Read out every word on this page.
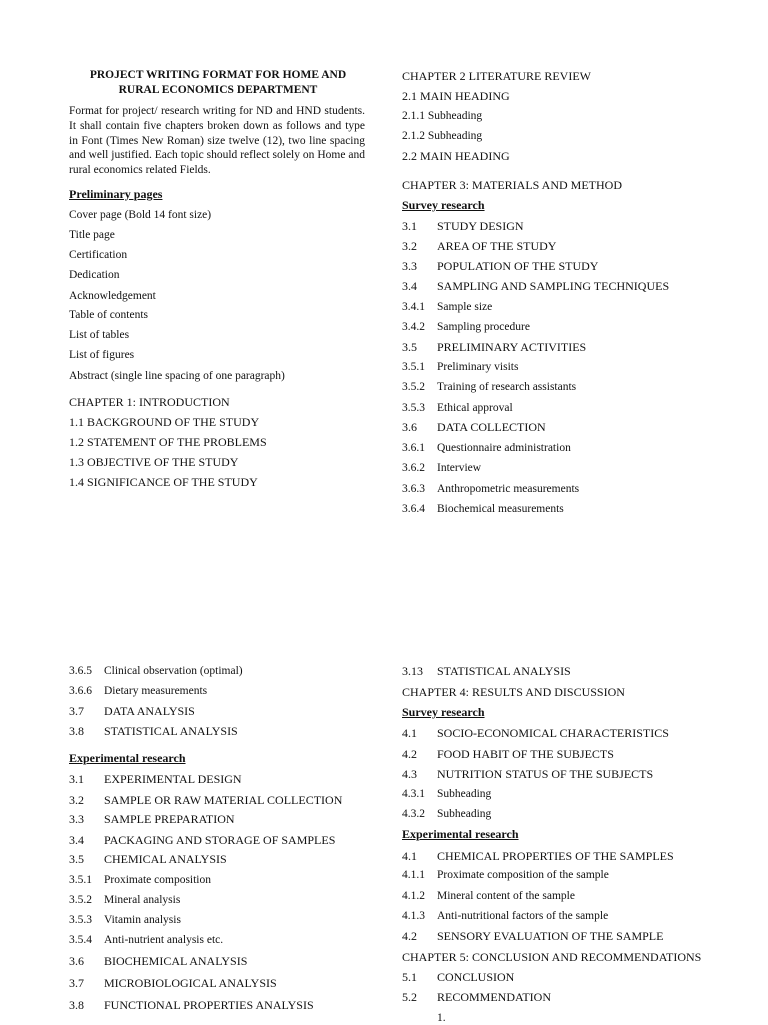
PROJECT WRITING FORMAT FOR HOME AND
RURAL ECONOMICS DEPARTMENT

Format for project/ research writing for ND and HND students. It shall contain five chapters broken down as follows and type in Font (Times New Roman) size twelve (12), two line spacing and well justified. Each topic should reflect solely on Home and rural economics related Fields.

Preliminary pages
Cover page (Bold 14 font size)
Title page
Certification
Dedication
Acknowledgement
Table of contents
List of tables
List of figures
Abstract (single line spacing of one paragraph)
CHAPTER 1: INTRODUCTION
1.1 BACKGROUND OF THE STUDY
1.2 STATEMENT OF THE PROBLEMS
1.3 OBJECTIVE OF THE STUDY
1.4 SIGNIFICANCE OF THE STUDY
CHAPTER 2 LITERATURE REVIEW
2.1 MAIN HEADING
2.1.1 Subheading
2.1.2 Subheading
2.2 MAIN HEADING
CHAPTER 3: MATERIALS AND METHOD
Survey research
3.1 STUDY DESIGN
3.2 AREA OF THE STUDY
3.3 POPULATION OF THE STUDY
3.4 SAMPLING AND SAMPLING TECHNIQUES
3.4.1 Sample size
3.4.2 Sampling procedure
3.5 PRELIMINARY ACTIVITIES
3.5.1 Preliminary visits
3.5.2 Training of research assistants
3.5.3 Ethical approval
3.6 DATA COLLECTION
3.6.1 Questionnaire administration
3.6.2 Interview
3.6.3 Anthropometric measurements
3.6.4 Biochemical measurements
3.6.5 Clinical observation (optimal)
3.6.6 Dietary measurements
3.7 DATA ANALYSIS
3.8 STATISTICAL ANALYSIS
Experimental research
3.1 EXPERIMENTAL DESIGN
3.2 SAMPLE OR RAW MATERIAL COLLECTION
3.3 SAMPLE PREPARATION
3.4 PACKAGING AND STORAGE OF SAMPLES
3.5 CHEMICAL ANALYSIS
3.5.1 Proximate composition
3.5.2 Mineral analysis
3.5.3 Vitamin analysis
3.5.4 Anti-nutrient analysis etc.
3.6 BIOCHEMICAL ANALYSIS
3.7 MICROBIOLOGICAL ANALYSIS
3.8 FUNCTIONAL PROPERTIES ANALYSIS
3.13 STATISTICAL ANALYSIS
CHAPTER 4: RESULTS AND DISCUSSION
Survey research
4.1 SOCIO-ECONOMICAL CHARACTERISTICS
4.2 FOOD HABIT OF THE SUBJECTS
4.3 NUTRITION STATUS OF THE SUBJECTS
4.3.1 Subheading
4.3.2 Subheading
Experimental research
4.1 CHEMICAL PROPERTIES OF THE SAMPLES
4.1.1 Proximate composition of the sample
4.1.2 Mineral content of the sample
4.1.3 Anti-nutritional factors of the sample
4.2 SENSORY EVALUATION OF THE SAMPLE
CHAPTER 5: CONCLUSION AND RECOMMENDATIONS
5.1 CONCLUSION
5.2 RECOMMENDATION
1.
